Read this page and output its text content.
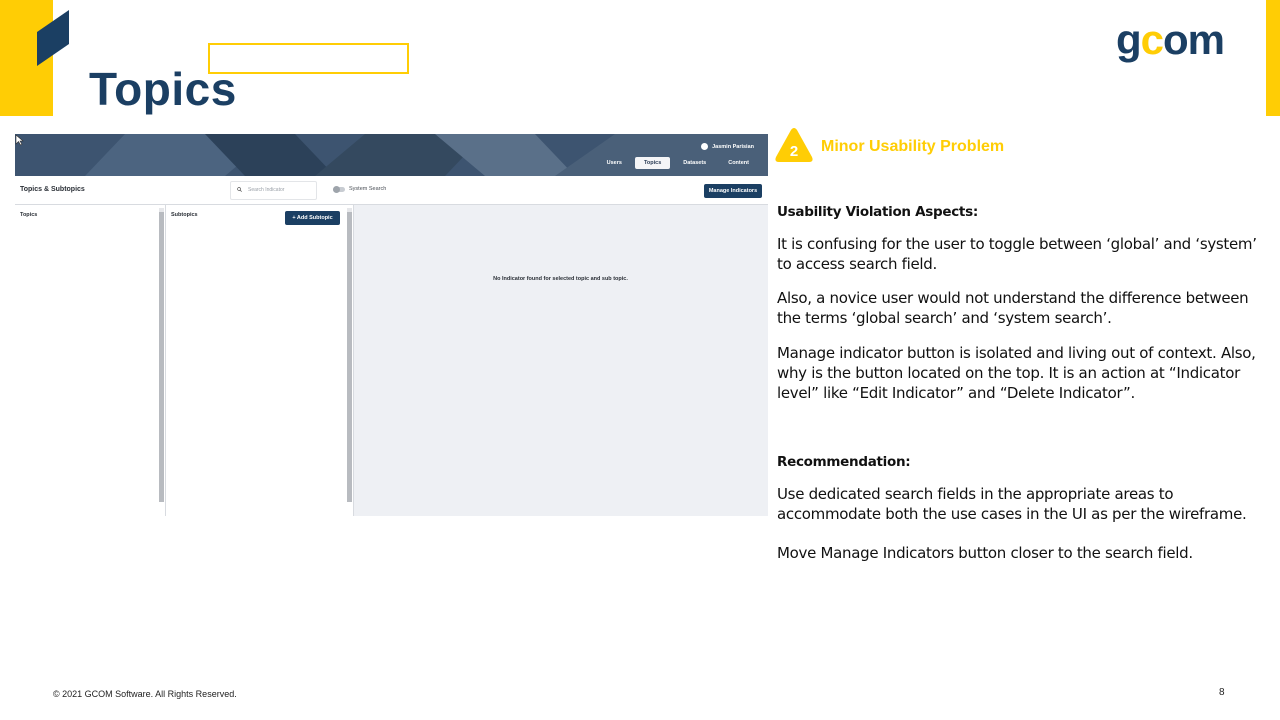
Topics
gcom
Jasmin Parisian
Users	Topics	Datasets	Content
Topics & Subtopics	Search Indicator	System Search	Manage Indicators
Topics	Subtopics	+ Add Subtopic
No Indicator found for selected topic and sub topic.
2 Minor Usability Problem
Usability Violation Aspects:
It is confusing for the user to toggle between ‘global’ and ‘system’ to access search field.
Also, a novice user would not understand the difference between the terms ‘global search’ and ‘system search’.
Manage indicator button is isolated and living out of context. Also, why is the button located on the top. It is an action at “Indicator level” like “Edit Indicator” and “Delete Indicator”.
Recommendation:
Use dedicated search fields in the appropriate areas to accommodate both the use cases in the UI as per the wireframe.
Move Manage Indicators button closer to the search field.
© 2021 GCOM Software. All Rights Reserved.	8
